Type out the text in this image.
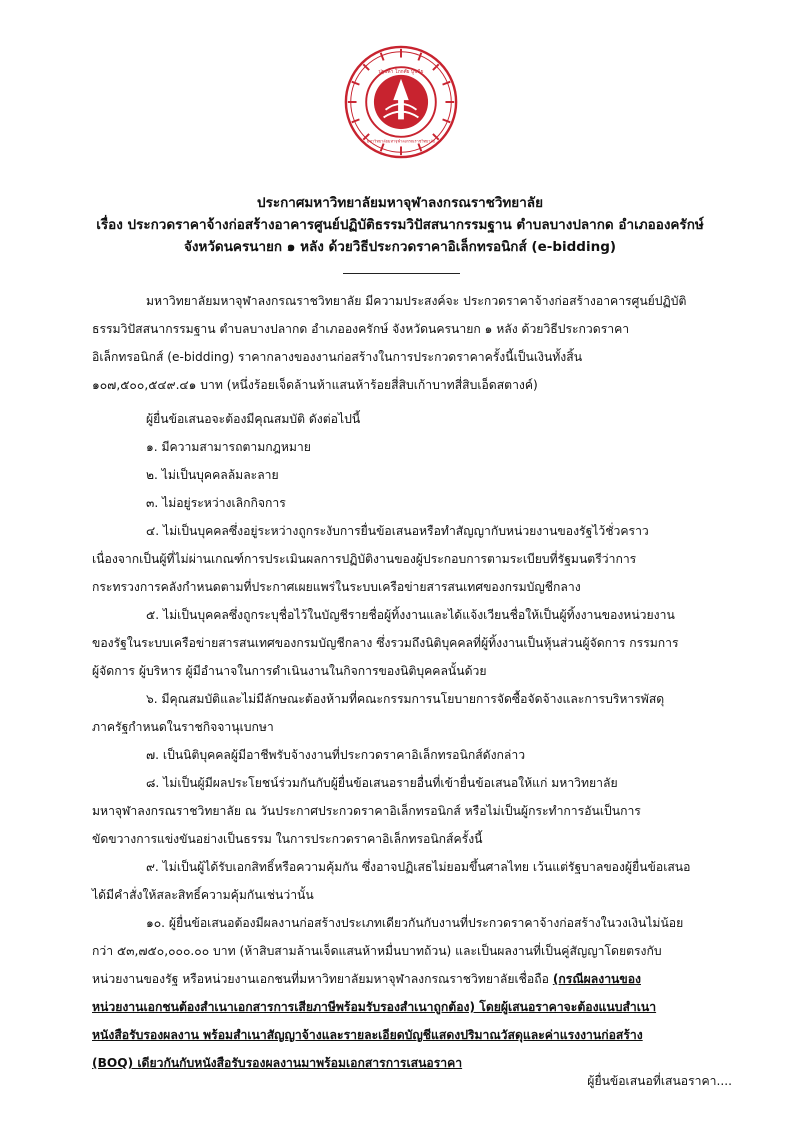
ปฐมคํา โภกศัย บูชนีย
มหาวิทยาลัยมหาจุฬาลงกรณราชวิทยาลัย
ประกาศมหาวิทยาลัยมหาจุฬาลงกรณราชวิทยาลัย
เรื่อง ประกวดราคาจ้างก่อสร้างอาคารศูนย์ปฏิบัติธรรมวิปัสสนากรรมฐาน ตำบลบางปลากด อำเภอองครักษ์
จังหวัดนครนายก ๑ หลัง ด้วยวิธีประกวดราคาอิเล็กทรอนิกส์ (e-bidding)
มหาวิทยาลัยมหาจุฬาลงกรณราชวิทยาลัย มีความประสงค์จะ ประกวดราคาจ้างก่อสร้างอาคารศูนย์ปฏิบัติ
ธรรมวิปัสสนากรรมฐาน ตำบลบางปลากด อำเภอองครักษ์ จังหวัดนครนายก ๑ หลัง ด้วยวิธีประกวดราคา
อิเล็กทรอนิกส์ (e-bidding) ราคากลางของงานก่อสร้างในการประกวดราคาครั้งนี้เป็นเงินทั้งสิ้น
๑๐๗,๕๐๐,๕๔๙.๔๑ บาท (หนึ่งร้อยเจ็ดล้านห้าแสนห้าร้อยสี่สิบเก้าบาทสี่สิบเอ็ดสตางค์)
ผู้ยื่นข้อเสนอจะต้องมีคุณสมบัติ ดังต่อไปนี้
๑. มีความสามารถตามกฎหมาย
๒. ไม่เป็นบุคคลล้มละลาย
๓. ไม่อยู่ระหว่างเลิกกิจการ
๔. ไม่เป็นบุคคลซึ่งอยู่ระหว่างถูกระงับการยื่นข้อเสนอหรือทำสัญญากับหน่วยงานของรัฐไว้ชั่วคราว
เนื่องจากเป็นผู้ที่ไม่ผ่านเกณฑ์การประเมินผลการปฏิบัติงานของผู้ประกอบการตามระเบียบที่รัฐมนตรีว่าการ
กระทรวงการคลังกำหนดตามที่ประกาศเผยแพร่ในระบบเครือข่ายสารสนเทศของกรมบัญชีกลาง
๕. ไม่เป็นบุคคลซึ่งถูกระบุชื่อไว้ในบัญชีรายชื่อผู้ทิ้งงานและได้แจ้งเวียนชื่อให้เป็นผู้ทิ้งงานของหน่วยงาน
ของรัฐในระบบเครือข่ายสารสนเทศของกรมบัญชีกลาง ซึ่งรวมถึงนิติบุคคลที่ผู้ทิ้งงานเป็นหุ้นส่วนผู้จัดการ กรรมการ
ผู้จัดการ ผู้บริหาร ผู้มีอำนาจในการดำเนินงานในกิจการของนิติบุคคลนั้นด้วย
๖. มีคุณสมบัติและไม่มีลักษณะต้องห้ามที่คณะกรรมการนโยบายการจัดซื้อจัดจ้างและการบริหารพัสดุ
ภาครัฐกำหนดในราชกิจจานุเบกษา
๗. เป็นนิติบุคคลผู้มีอาชีพรับจ้างงานที่ประกวดราคาอิเล็กทรอนิกส์ดังกล่าว
๘. ไม่เป็นผู้มีผลประโยชน์ร่วมกันกับผู้ยื่นข้อเสนอรายอื่นที่เข้ายื่นข้อเสนอให้แก่ มหาวิทยาลัย
มหาจุฬาลงกรณราชวิทยาลัย ณ วันประกาศประกวดราคาอิเล็กทรอนิกส์ หรือไม่เป็นผู้กระทำการอันเป็นการ
ขัดขวางการแข่งขันอย่างเป็นธรรม ในการประกวดราคาอิเล็กทรอนิกส์ครั้งนี้
๙. ไม่เป็นผู้ได้รับเอกสิทธิ์หรือความคุ้มกัน ซึ่งอาจปฏิเสธไม่ยอมขึ้นศาลไทย เว้นแต่รัฐบาลของผู้ยื่นข้อเสนอ
ได้มีคำสั่งให้สละสิทธิ์ความคุ้มกันเช่นว่านั้น
๑๐. ผู้ยื่นข้อเสนอต้องมีผลงานก่อสร้างประเภทเดียวกันกับงานที่ประกวดราคาจ้างก่อสร้างในวงเงินไม่น้อย
กว่า ๕๓,๗๕๐,๐๐๐.๐๐ บาท (ห้าสิบสามล้านเจ็ดแสนห้าหมื่นบาทถ้วน) และเป็นผลงานที่เป็นคู่สัญญาโดยตรงกับ
หน่วยงานของรัฐ หรือหน่วยงานเอกชนที่มหาวิทยาลัยมหาจุฬาลงกรณราชวิทยาลัยเชื่อถือ (กรณีผลงานของ
หน่วยงานเอกชนต้องสำเนาเอกสารการเสียภาษีพร้อมรับรองสำเนาถูกต้อง) โดยผู้เสนอราคาจะต้องแนบสำเนา
หนังสือรับรองผลงาน พร้อมสำเนาสัญญาจ้างและรายละเอียดบัญชีแสดงปริมาณวัสดุและค่าแรงงานก่อสร้าง
(BOQ) เดียวกันกับหนังสือรับรองผลงานมาพร้อมเอกสารการเสนอราคา
ผู้ยื่นข้อเสนอที่เสนอราคา....
